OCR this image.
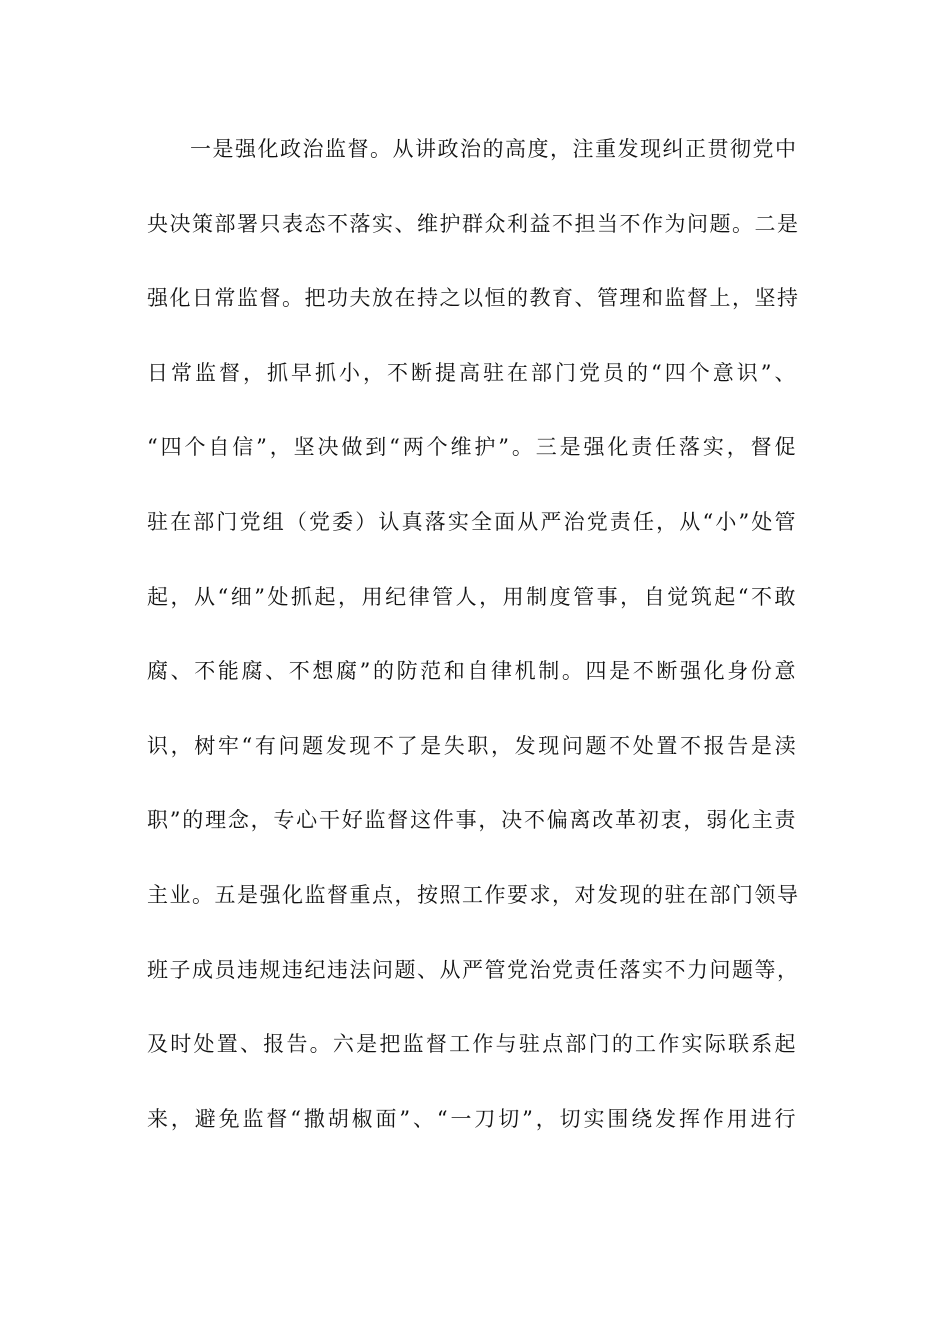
一是强化政治监督。从讲政治的高度，注重发现纠正贯彻党中
央决策部署只表态不落实、维护群众利益不担当不作为问题。二是
强化日常监督。把功夫放在持之以恒的教育、管理和监督上，坚持
日常监督，抓早抓小，不断提高驻在部门党员的“四个意识”、
“四个自信”，坚决做到“两个维护”。三是强化责任落实，督促
驻在部门党组（党委）认真落实全面从严治党责任，从“小”处管
起，从“细”处抓起，用纪律管人，用制度管事，自觉筑起“不敢
腐、不能腐、不想腐”的防范和自律机制。四是不断强化身份意
识，树牢“有问题发现不了是失职，发现问题不处置不报告是渎
职”的理念，专心干好监督这件事，决不偏离改革初衷，弱化主责
主业。五是强化监督重点，按照工作要求，对发现的驻在部门领导
班子成员违规违纪违法问题、从严管党治党责任落实不力问题等，
及时处置、报告。六是把监督工作与驻点部门的工作实际联系起
来，避免监督“撒胡椒面”、“一刀切”，切实围绕发挥作用进行
